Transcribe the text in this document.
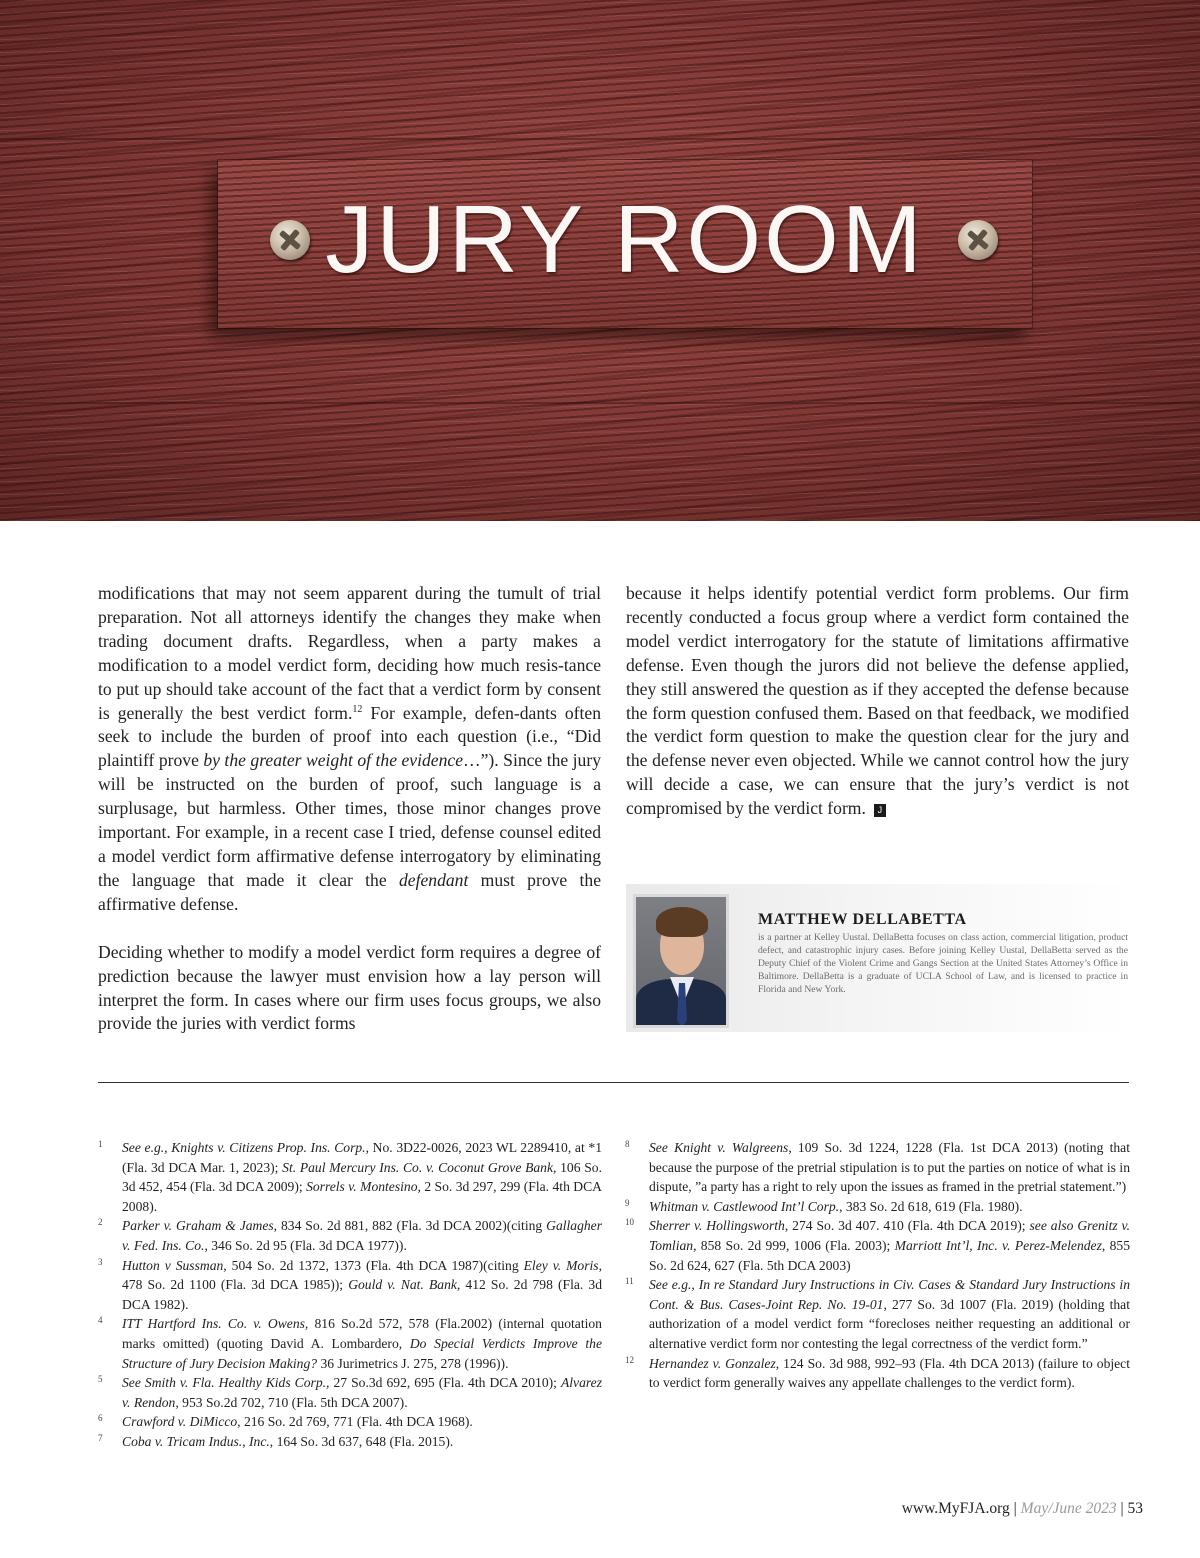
JURY ROOM

modifications that may not seem apparent during the tumult of trial preparation. Not all attorneys identify the changes they make when trading document drafts. Regardless, when a party makes a modification to a model verdict form, deciding how much resis-tance to put up should take account of the fact that a verdict form by consent is generally the best verdict form.$^{12}$ For example, defen-dants often seek to include the burden of proof into each question (i.e., “Did plaintiff prove by the greater weight of the evidence…”). Since the jury will be instructed on the burden of proof, such language is a surplusage, but harmless. Other times, those minor changes prove important. For example, in a recent case I tried, defense counsel edited a model verdict form affirmative defense interrogatory by eliminating the language that made it clear the defendant must prove the affirmative defense.

Deciding whether to modify a model verdict form requires a degree of prediction because the lawyer must envision how a lay person will interpret the form. In cases where our firm uses focus groups, we also provide the juries with verdict forms

because it helps identify potential verdict form problems. Our firm recently conducted a focus group where a verdict form contained the model verdict interrogatory for the statute of limitations affirmative defense. Even though the jurors did not believe the defense applied, they still answered the question as if they accepted the defense because the form question confused them. Based on that feedback, we modified the verdict form question to make the question clear for the jury and the defense never even objected. While we cannot control how the jury will decide a case, we can ensure that the jury’s verdict is not compromised by the verdict form. J

MATTHEW DELLABETTA
is a partner at Kelley Uustal. DellaBetta focuses on class action, commercial litigation, product defect, and catastrophic injury cases. Before joining Kelley Uustal, DellaBetta served as the Deputy Chief of the Violent Crime and Gangs Section at the United States Attorney’s Office in Baltimore. DellaBetta is a graduate of UCLA School of Law, and is licensed to practice in Florida and New York.
1 See e.g., Knights v. Citizens Prop. Ins. Corp., No. 3D22-0026, 2023 WL 2289410, at *1 (Fla. 3d DCA Mar. 1, 2023); St. Paul Mercury Ins. Co. v. Coconut Grove Bank, 106 So. 3d 452, 454 (Fla. 3d DCA 2009); Sorrels v. Montesino, 2 So. 3d 297, 299 (Fla. 4th DCA 2008).
2 Parker v. Graham & James, 834 So. 2d 881, 882 (Fla. 3d DCA 2002)(citing Gallagher v. Fed. Ins. Co., 346 So. 2d 95 (Fla. 3d DCA 1977)).
3 Hutton v Sussman, 504 So. 2d 1372, 1373 (Fla. 4th DCA 1987)(citing Eley v. Moris, 478 So. 2d 1100 (Fla. 3d DCA 1985)); Gould v. Nat. Bank, 412 So. 2d 798 (Fla. 3d DCA 1982).
4 ITT Hartford Ins. Co. v. Owens, 816 So.2d 572, 578 (Fla.2002) (internal quotation marks omitted) (quoting David A. Lombardero, Do Special Verdicts Improve the Structure of Jury Decision Making? 36 Jurimetrics J. 275, 278 (1996)).
5 See Smith v. Fla. Healthy Kids Corp., 27 So.3d 692, 695 (Fla. 4th DCA 2010); Alvarez v. Rendon, 953 So.2d 702, 710 (Fla. 5th DCA 2007).
6 Crawford v. DiMicco, 216 So. 2d 769, 771 (Fla. 4th DCA 1968).
7 Coba v. Tricam Indus., Inc., 164 So. 3d 637, 648 (Fla. 2015).
8 See Knight v. Walgreens, 109 So. 3d 1224, 1228 (Fla. 1st DCA 2013) (noting that because the purpose of the pretrial stipulation is to put the parties on notice of what is in dispute, ”a party has a right to rely upon the issues as framed in the pretrial statement.”)
9 Whitman v. Castlewood Int’l Corp., 383 So. 2d 618, 619 (Fla. 1980).
10 Sherrer v. Hollingsworth, 274 So. 3d 407. 410 (Fla. 4th DCA 2019); see also Grenitz v. Tomlian, 858 So. 2d 999, 1006 (Fla. 2003); Marriott Int’l, Inc. v. Perez-Melendez, 855 So. 2d 624, 627 (Fla. 5th DCA 2003)
11 See e.g., In re Standard Jury Instructions in Civ. Cases & Standard Jury Instructions in Cont. & Bus. Cases-Joint Rep. No. 19-01, 277 So. 3d 1007 (Fla. 2019) (holding that authorization of a model verdict form “forecloses neither requesting an additional or alternative verdict form nor contesting the legal correctness of the verdict form.”
12 Hernandez v. Gonzalez, 124 So. 3d 988, 992–93 (Fla. 4th DCA 2013) (failure to object to verdict form generally waives any appellate challenges to the verdict form).
www.MyFJA.org | May/June 2023 | 53
